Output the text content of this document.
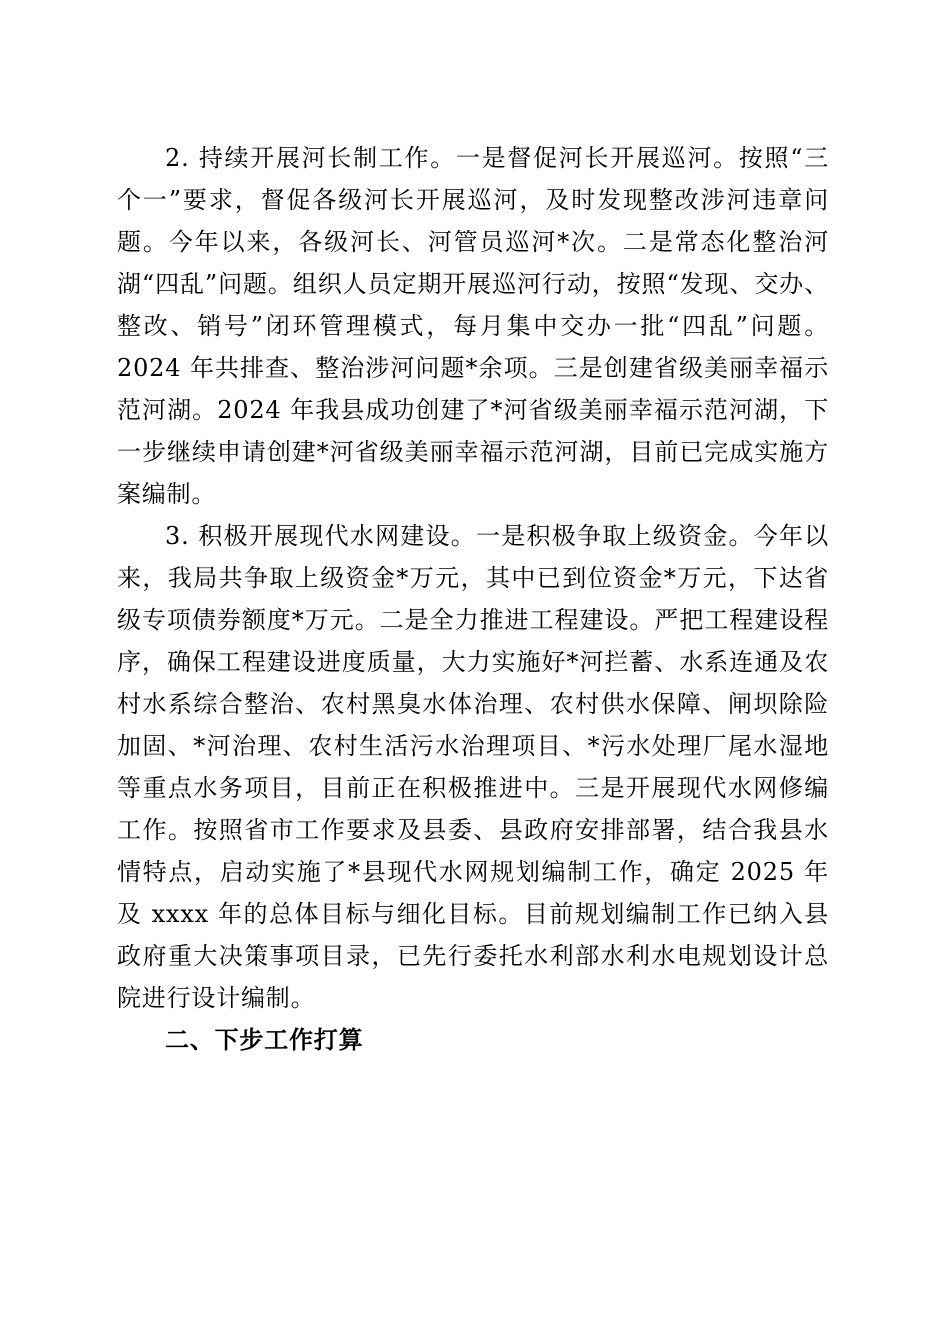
2. 持续开展河长制工作。一是督促河长开展巡河。按照“三个一”要求，督促各级河长开展巡河，及时发现整改涉河违章问题。今年以来，各级河长、河管员巡河*次。二是常态化整治河湖“四乱”问题。组织人员定期开展巡河行动，按照“发现、交办、整改、销号”闭环管理模式，每月集中交办一批“四乱”问题。2024 年共排查、整治涉河问题*余项。三是创建省级美丽幸福示范河湖。2024 年我县成功创建了*河省级美丽幸福示范河湖，下一步继续申请创建*河省级美丽幸福示范河湖，目前已完成实施方案编制。

3. 积极开展现代水网建设。一是积极争取上级资金。今年以来，我局共争取上级资金*万元，其中已到位资金*万元，下达省级专项债券额度*万元。二是全力推进工程建设。严把工程建设程序，确保工程建设进度质量，大力实施好*河拦蓄、水系连通及农村水系综合整治、农村黑臭水体治理、农村供水保障、闸坝除险加固、*河治理、农村生活污水治理项目、*污水处理厂尾水湿地等重点水务项目，目前正在积极推进中。三是开展现代水网修编工作。按照省市工作要求及县委、县政府安排部署，结合我县水情特点，启动实施了*县现代水网规划编制工作，确定 2025 年及 xxxx 年的总体目标与细化目标。目前规划编制工作已纳入县政府重大决策事项目录，已先行委托水利部水利水电规划设计总院进行设计编制。

二、下步工作打算
